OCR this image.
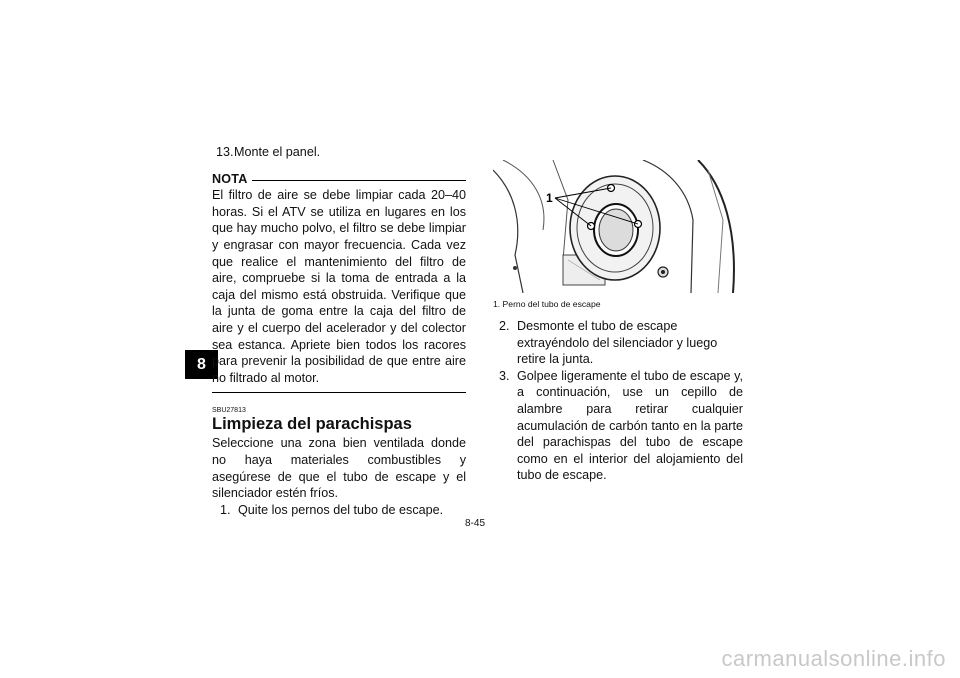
8

13.Monte el panel.

NOTA

El filtro de aire se debe limpiar cada 20–40 horas. Si el ATV se utiliza en lugares en los que hay mucho polvo, el filtro se debe limpiar y engrasar con mayor frecuencia. Cada vez que realice el mantenimiento del filtro de aire, compruebe si la toma de entrada a la caja del mismo está obstruida. Verifique que la junta de goma entre la caja del filtro de aire y el cuerpo del acelerador y del colector sea estanca. Apriete bien todos los racores para prevenir la posibilidad de que entre aire no filtrado al motor.

SBU27813
Limpieza del parachispas

Seleccione una zona bien ventilada donde no haya materiales combustibles y asegúrese de que el tubo de escape y el silenciador estén fríos.

1. Quite los pernos del tubo de escape.

1
1. Perno del tubo de escape

2. Desmonte el tubo de escape extrayéndolo del silenciador y luego retire la junta.

3. Golpee ligeramente el tubo de escape y, a continuación, use un cepillo de alambre para retirar cualquier acumulación de carbón tanto en la parte del parachispas del tubo de escape como en el interior del alojamiento del tubo de escape.

8-45
carmanualsonline.info
